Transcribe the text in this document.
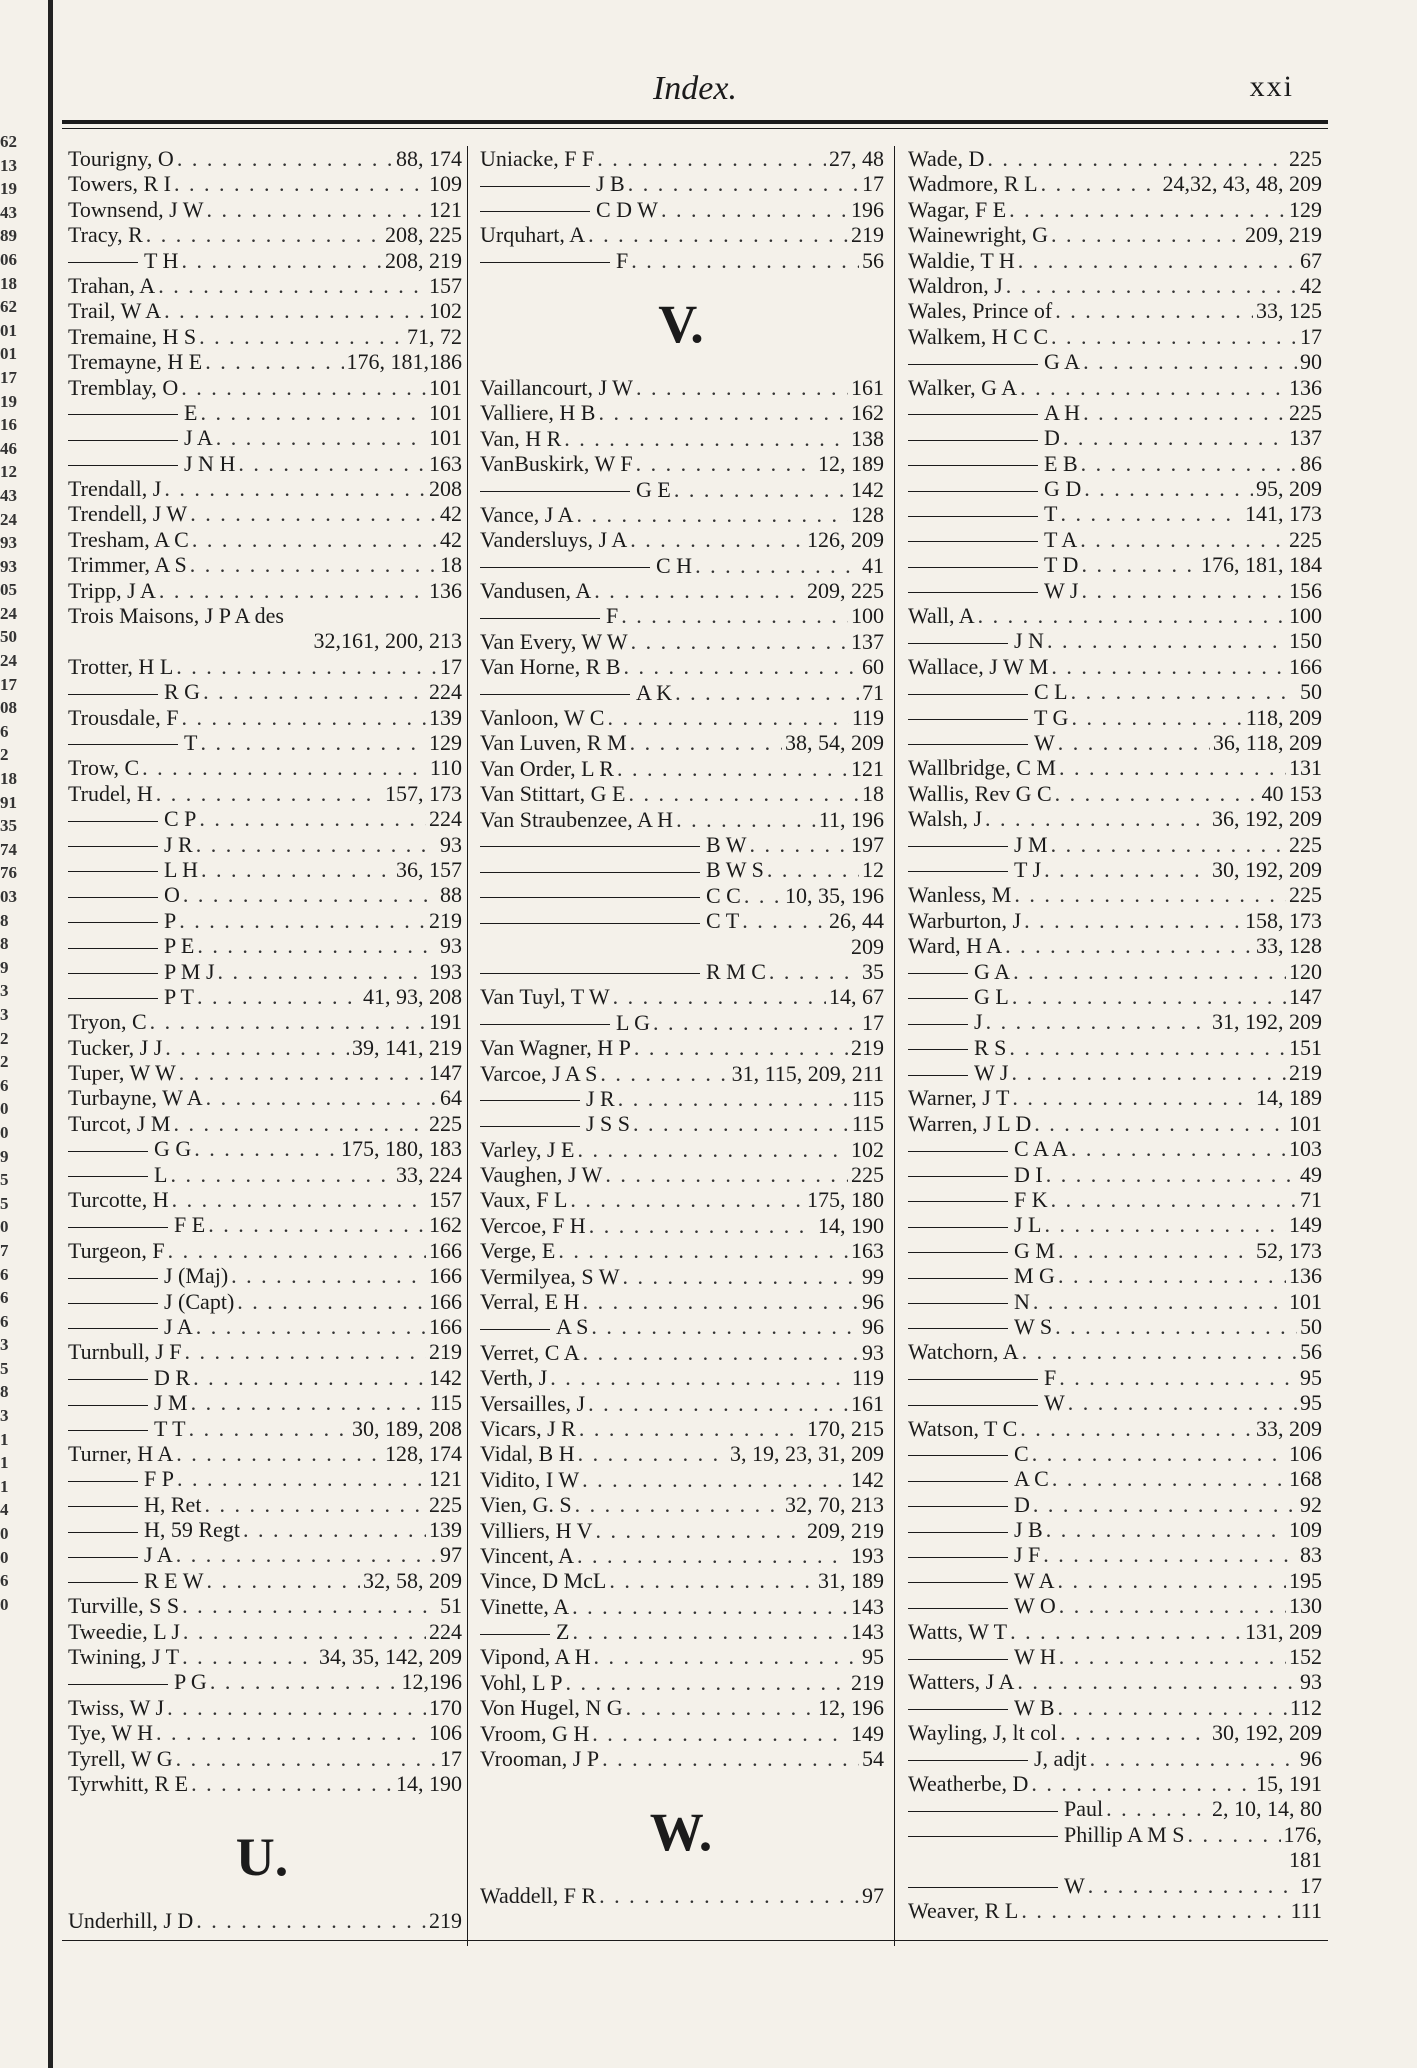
62
13
19
43
89
06
18
62
01
01
17
19
16
46
12
43
24
93
93
05
24
50
24
17
08
6
2
18
91
35
74
76
03
8
8
9
3
3
2
2
6
0
0
9
5
5
0
7
6
6
6
3
5
8
3
1
1
1
4
0
0
6
0
Index.	xxi
Tourigny, O . . .	88, 174
Towers, R I . . .	109
Townsend, J W . . .	121
Tracy, R . . .	208, 225
T H . . .	208, 219
Trahan, A . . .	157
Trail, W A . . .	102
Tremaine, H S . . .	71, 72
Tremayne, H E . . .	176, 181,186
Tremblay, O . . .	101
E . . .	101
J A . . .	101
J N H . . .	163
Trendall, J . . .	208
Trendell, J W . . .	42
Tresham, A C . . .	42
Trimmer, A S . . .	18
Tripp, J A . . .	136
Trois Maisons, J P A des
32,161, 200, 213
Trotter, H L . . .	17
R G . . .	224
Trousdale, F . . .	139
T . . .	129
Trow, C . . .	110
Trudel, H . . .	157, 173
C P . . .	224
J R . . .	93
L H . . .	36, 157
O . . .	88
P . . .	219
P E . . .	93
P M J . . .	193
P T . . .	41, 93, 208
Tryon, C . . .	191
Tucker, J J . . .	39, 141, 219
Tuper, W W . . .	147
Turbayne, W A . . .	64
Turcot, J M . . .	225
G G . . .	175, 180, 183
L . . .	33, 224
Turcotte, H . . .	157
F E . . .	162
Turgeon, F . . .	166
J (Maj) . . .	166
J (Capt) . . .	166
J A . . .	166
Turnbull, J F . . .	219
D R . . .	142
J M . . .	115
T T . . .	30, 189, 208
Turner, H A . . .	128, 174
F P . . .	121
H, Ret . . .	225
H, 59 Regt . . .	139
J A . . .	97
R E W . . .	32, 58, 209
Turville, S S . . .	51
Tweedie, L J . . .	224
Twining, J T . . .	34, 35, 142, 209
P G . . .	12,196
Twiss, W J . . .	170
Tye, W H . . .	106
Tyrell, W G . . .	17
Tyrwhitt, R E . . .	14, 190
U.
Underhill, J D . . .	219
Uniacke, F F . . .	27, 48
J B . . .	17
C D W . . .	196
Urquhart, A . . .	219
F . . .	56
V.
Vaillancourt, J W . . .	161
Valliere, H B . . .	162
Van, H R . . .	138
VanBuskirk, W F . . .	12, 189
G E . . .	142
Vance, J A . . .	128
Vandersluys, J A . . .	126, 209
C H . . .	41
Vandusen, A . . .	209, 225
F . . .	100
Van Every, W W . . .	137
Van Horne, R B . . .	60
A K . . .	71
Vanloon, W C . . .	119
Van Luven, R M . . .	38, 54, 209
Van Order, L R . . .	121
Van Stittart, G E . . .	18
Van Straubenzee, A H . . .	11, 196
B W . . .	197
B W S . . .	12
C C . . . 10, 35, 196
C T . . .	26, 44
209
R M C . . .	35
Van Tuyl, T W . . .	14, 67
L G . . .	17
Van Wagner, H P . . .	219
Varcoe, J A S . . .	31, 115, 209, 211
J R . . .	115
J S S . . .	115
Varley, J E . . .	102
Vaughen, J W . . .	225
Vaux, F L . . .	175, 180
Vercoe, F H . . .	14, 190
Verge, E . . .	163
Vermilyea, S W . . .	99
Verral, E H . . .	96
A S . . .	96
Verret, C A . . .	93
Verth, J . . .	119
Versailles, J . . .	161
Vicars, J R . . .	170, 215
Vidal, B H . . .	3, 19, 23, 31, 209
Vidito, I W . . .	142
Vien, G. S . . .	32, 70, 213
Villiers, H V . . .	209, 219
Vincent, A . . .	193
Vince, D McL . . .	31, 189
Vinette, A . . .	143
Z . . .	143
Vipond, A H . . .	95
Vohl, L P . . .	219
Von Hugel, N G . . .	12, 196
Vroom, G H . . .	149
Vrooman, J P . . .	54
W.
Waddell, F R . . .	97
Wade, D . . .	225
Wadmore, R L . . .	24,32, 43, 48, 209
Wagar, F E . . .	129
Wainewright, G . . .	209, 219
Waldie, T H . . .	67
Waldron, J . . .	42
Wales, Prince of . . .	33, 125
Walkem, H C C . . .	17
G A . . .	90
Walker, G A . . .	136
A H . . .	225
D . . .	137
E B . . .	86
G D . . .	95, 209
T . . .	141, 173
T A . . .	225
T D . . .	176, 181, 184
W J . . .	156
Wall, A . . .	100
J N . . .	150
Wallace, J W M . . .	166
C L . . .	50
T G . . .	118, 209
W . . .	36, 118, 209
Wallbridge, C M . . .	131
Wallis, Rev G C . . .	40 153
Walsh, J . . .	36, 192, 209
J M . . .	225
T J . . .	30, 192, 209
Wanless, M . . .	225
Warburton, J . . .	158, 173
Ward, H A . . .	33, 128
G A . . .	120
G L . . .	147
J . . .	31, 192, 209
R S . . .	151
W J . . .	219
Warner, J T . . .	14, 189
Warren, J L D . . .	101
C A A . . .	103
D I . . .	49
F K . . .	71
J L . . .	149
G M . . .	52, 173
M G . . .	136
N . . .	101
W S . . .	50
Watchorn, A . . .	56
F . . .	95
W . . .	95
Watson, T C . . .	33, 209
C . . .	106
A C . . .	168
D . . .	92
J B . . .	109
J F . . .	83
W A . . .	195
W O . . .	130
Watts, W T . . .	131, 209
W H . . .	152
Watters, J A . . .	93
W B . . .	112
Wayling, J, lt col . . .	30, 192, 209
J, adjt . . .	96
Weatherbe, D . . .	15, 191
Paul . . .	2, 10, 14, 80
Phillip A M S . . .	176,
181
W . . .	17
Weaver, R L . . .	111
